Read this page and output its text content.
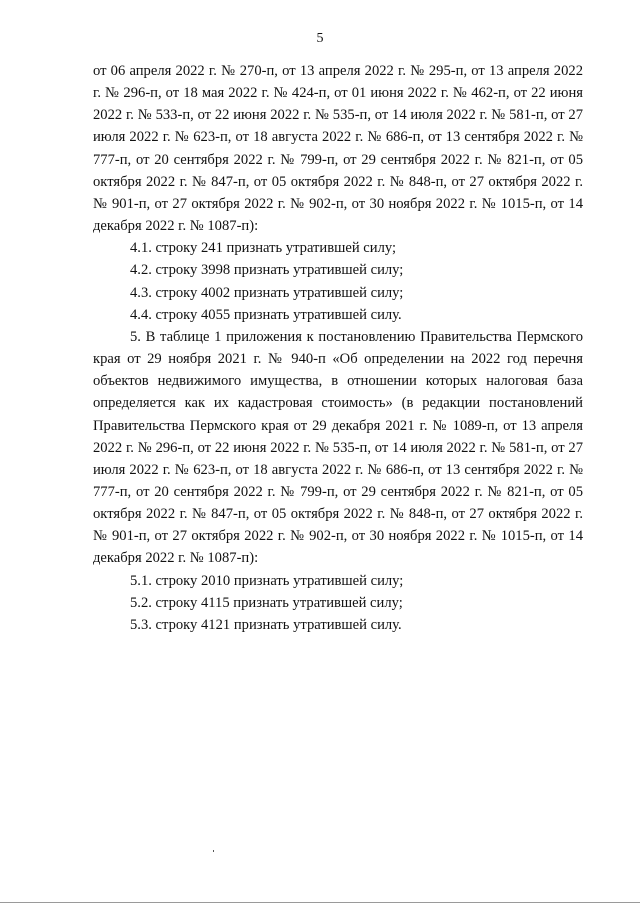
5

от 06 апреля 2022 г. № 270-п, от 13 апреля 2022 г. № 295-п, от 13 апреля 2022 г. № 296-п, от 18 мая 2022 г. № 424-п, от 01 июня 2022 г. № 462-п, от 22 июня 2022 г. № 533-п, от 22 июня 2022 г. № 535-п, от 14 июля 2022 г. № 581-п, от 27 июля 2022 г. № 623-п, от 18 августа 2022 г. № 686-п, от 13 сентября 2022 г. № 777-п, от 20 сентября 2022 г. № 799-п, от 29 сентября 2022 г. № 821-п, от 05 октября 2022 г. № 847-п, от 05 октября 2022 г. № 848-п, от 27 октября 2022 г. № 901-п, от 27 октября 2022 г. № 902-п, от 30 ноября 2022 г. № 1015-п, от 14 декабря 2022 г. № 1087-п):

4.1. строку 241 признать утратившей силу;

4.2. строку 3998 признать утратившей силу;

4.3. строку 4002 признать утратившей силу;

4.4. строку 4055 признать утратившей силу.

5. В таблице 1 приложения к постановлению Правительства Пермского края от 29 ноября 2021 г. № 940-п «Об определении на 2022 год перечня объектов недвижимого имущества, в отношении которых налоговая база определяется как их кадастровая стоимость» (в редакции постановлений Правительства Пермского края от 29 декабря 2021 г. № 1089-п, от 13 апреля 2022 г. № 296-п, от 22 июня 2022 г. № 535-п, от 14 июля 2022 г. № 581-п, от 27 июля 2022 г. № 623-п, от 18 августа 2022 г. № 686-п, от 13 сентября 2022 г. № 777-п, от 20 сентября 2022 г. № 799-п, от 29 сентября 2022 г. № 821-п, от 05 октября 2022 г. № 847-п, от 05 октября 2022 г. № 848-п, от 27 октября 2022 г. № 901-п, от 27 октября 2022 г. № 902-п, от 30 ноября 2022 г. № 1015-п, от 14 декабря 2022 г. № 1087-п):

5.1. строку 2010 признать утратившей силу;

5.2. строку 4115 признать утратившей силу;

5.3. строку 4121 признать утратившей силу.
